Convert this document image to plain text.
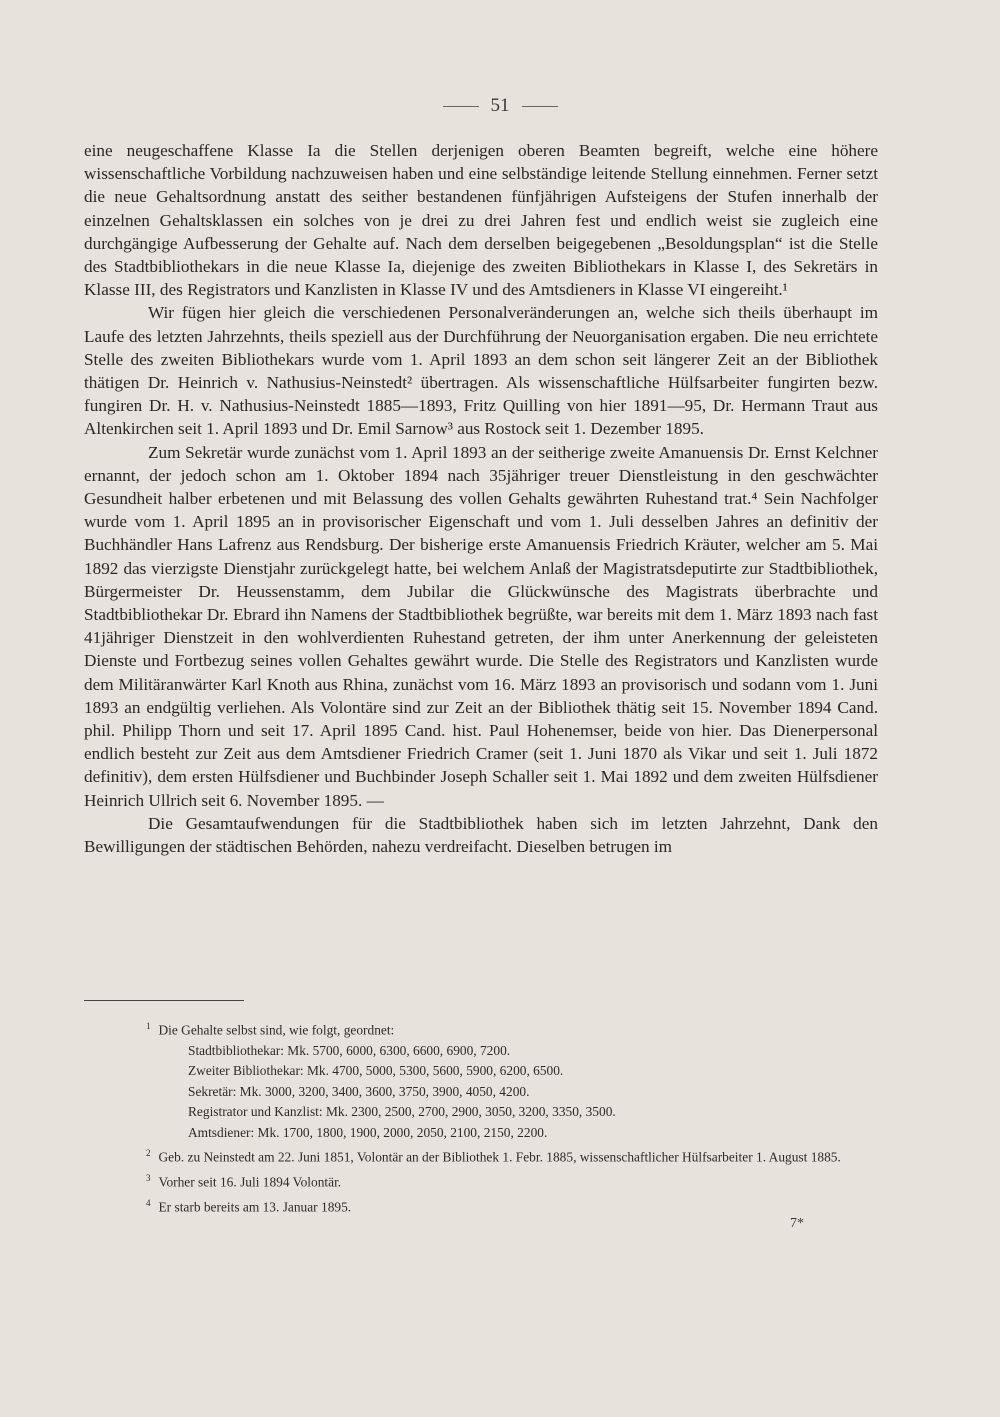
51

eine neugeschaffene Klasse Ia die Stellen derjenigen oberen Beamten begreift, welche eine höhere wissenschaftliche Vorbildung nachzuweisen haben und eine selbständige leitende Stellung einnehmen. Ferner setzt die neue Gehaltsordnung anstatt des seither bestandenen fünfjährigen Aufsteigens der Stufen innerhalb der einzelnen Gehaltsklassen ein solches von je drei zu drei Jahren fest und endlich weist sie zugleich eine durchgängige Aufbesserung der Gehalte auf. Nach dem derselben beigegebenen „Besoldungsplan“ ist die Stelle des Stadtbibliothekars in die neue Klasse Ia, diejenige des zweiten Bibliothekars in Klasse I, des Sekretärs in Klasse III, des Registrators und Kanzlisten in Klasse IV und des Amtsdieners in Klasse VI eingereiht.¹

Wir fügen hier gleich die verschiedenen Personalveränderungen an, welche sich theils überhaupt im Laufe des letzten Jahrzehnts, theils speziell aus der Durchführung der Neuorganisation ergaben. Die neu errichtete Stelle des zweiten Bibliothekars wurde vom 1. April 1893 an dem schon seit längerer Zeit an der Bibliothek thätigen Dr. Heinrich v. Nathusius-Neinstedt² übertragen. Als wissenschaftliche Hülfsarbeiter fungirten bezw. fungiren Dr. H. v. Nathusius-Neinstedt 1885—1893, Fritz Quilling von hier 1891—95, Dr. Hermann Traut aus Altenkirchen seit 1. April 1893 und Dr. Emil Sarnow³ aus Rostock seit 1. Dezember 1895.

Zum Sekretär wurde zunächst vom 1. April 1893 an der seitherige zweite Amanuensis Dr. Ernst Kelchner ernannt, der jedoch schon am 1. Oktober 1894 nach 35jähriger treuer Dienstleistung in den geschwächter Gesundheit halber erbetenen und mit Belassung des vollen Gehalts gewährten Ruhestand trat.⁴ Sein Nachfolger wurde vom 1. April 1895 an in provisorischer Eigenschaft und vom 1. Juli desselben Jahres an definitiv der Buchhändler Hans Lafrenz aus Rendsburg. Der bisherige erste Amanuensis Friedrich Kräuter, welcher am 5. Mai 1892 das vierzigste Dienstjahr zurückgelegt hatte, bei welchem Anlaß der Magistratsdeputirte zur Stadtbibliothek, Bürgermeister Dr. Heussenstamm, dem Jubilar die Glückwünsche des Magistrats überbrachte und Stadtbibliothekar Dr. Ebrard ihn Namens der Stadtbibliothek begrüßte, war bereits mit dem 1. März 1893 nach fast 41jähriger Dienstzeit in den wohlverdienten Ruhestand getreten, der ihm unter Anerkennung der geleisteten Dienste und Fortbezug seines vollen Gehaltes gewährt wurde. Die Stelle des Registrators und Kanzlisten wurde dem Militäranwärter Karl Knoth aus Rhina, zunächst vom 16. März 1893 an provisorisch und sodann vom 1. Juni 1893 an endgültig verliehen. Als Volontäre sind zur Zeit an der Bibliothek thätig seit 15. November 1894 Cand. phil. Philipp Thorn und seit 17. April 1895 Cand. hist. Paul Hohenemser, beide von hier. Das Dienerpersonal endlich besteht zur Zeit aus dem Amtsdiener Friedrich Cramer (seit 1. Juni 1870 als Vikar und seit 1. Juli 1872 definitiv), dem ersten Hülfsdiener und Buchbinder Joseph Schaller seit 1. Mai 1892 und dem zweiten Hülfsdiener Heinrich Ullrich seit 6. November 1895. —

Die Gesamtaufwendungen für die Stadtbibliothek haben sich im letzten Jahrzehnt, Dank den Bewilligungen der städtischen Behörden, nahezu verdreifacht. Dieselben betrugen im

$^1$ Die Gehalte selbst sind, wie folgt, geordnet:

Stadtbibliothekar: Mk. 5700, 6000, 6300, 6600, 6900, 7200.

Zweiter Bibliothekar: Mk. 4700, 5000, 5300, 5600, 5900, 6200, 6500.

Sekretär: Mk. 3000, 3200, 3400, 3600, 3750, 3900, 4050, 4200.

Registrator und Kanzlist: Mk. 2300, 2500, 2700, 2900, 3050, 3200, 3350, 3500.

Amtsdiener: Mk. 1700, 1800, 1900, 2000, 2050, 2100, 2150, 2200.

$^2$ Geb. zu Neinstedt am 22. Juni 1851, Volontär an der Bibliothek 1. Febr. 1885, wissenschaftlicher Hülfsarbeiter 1. August 1885.

$^3$ Vorher seit 16. Juli 1894 Volontär.

$^4$ Er starb bereits am 13. Januar 1895.

7*
